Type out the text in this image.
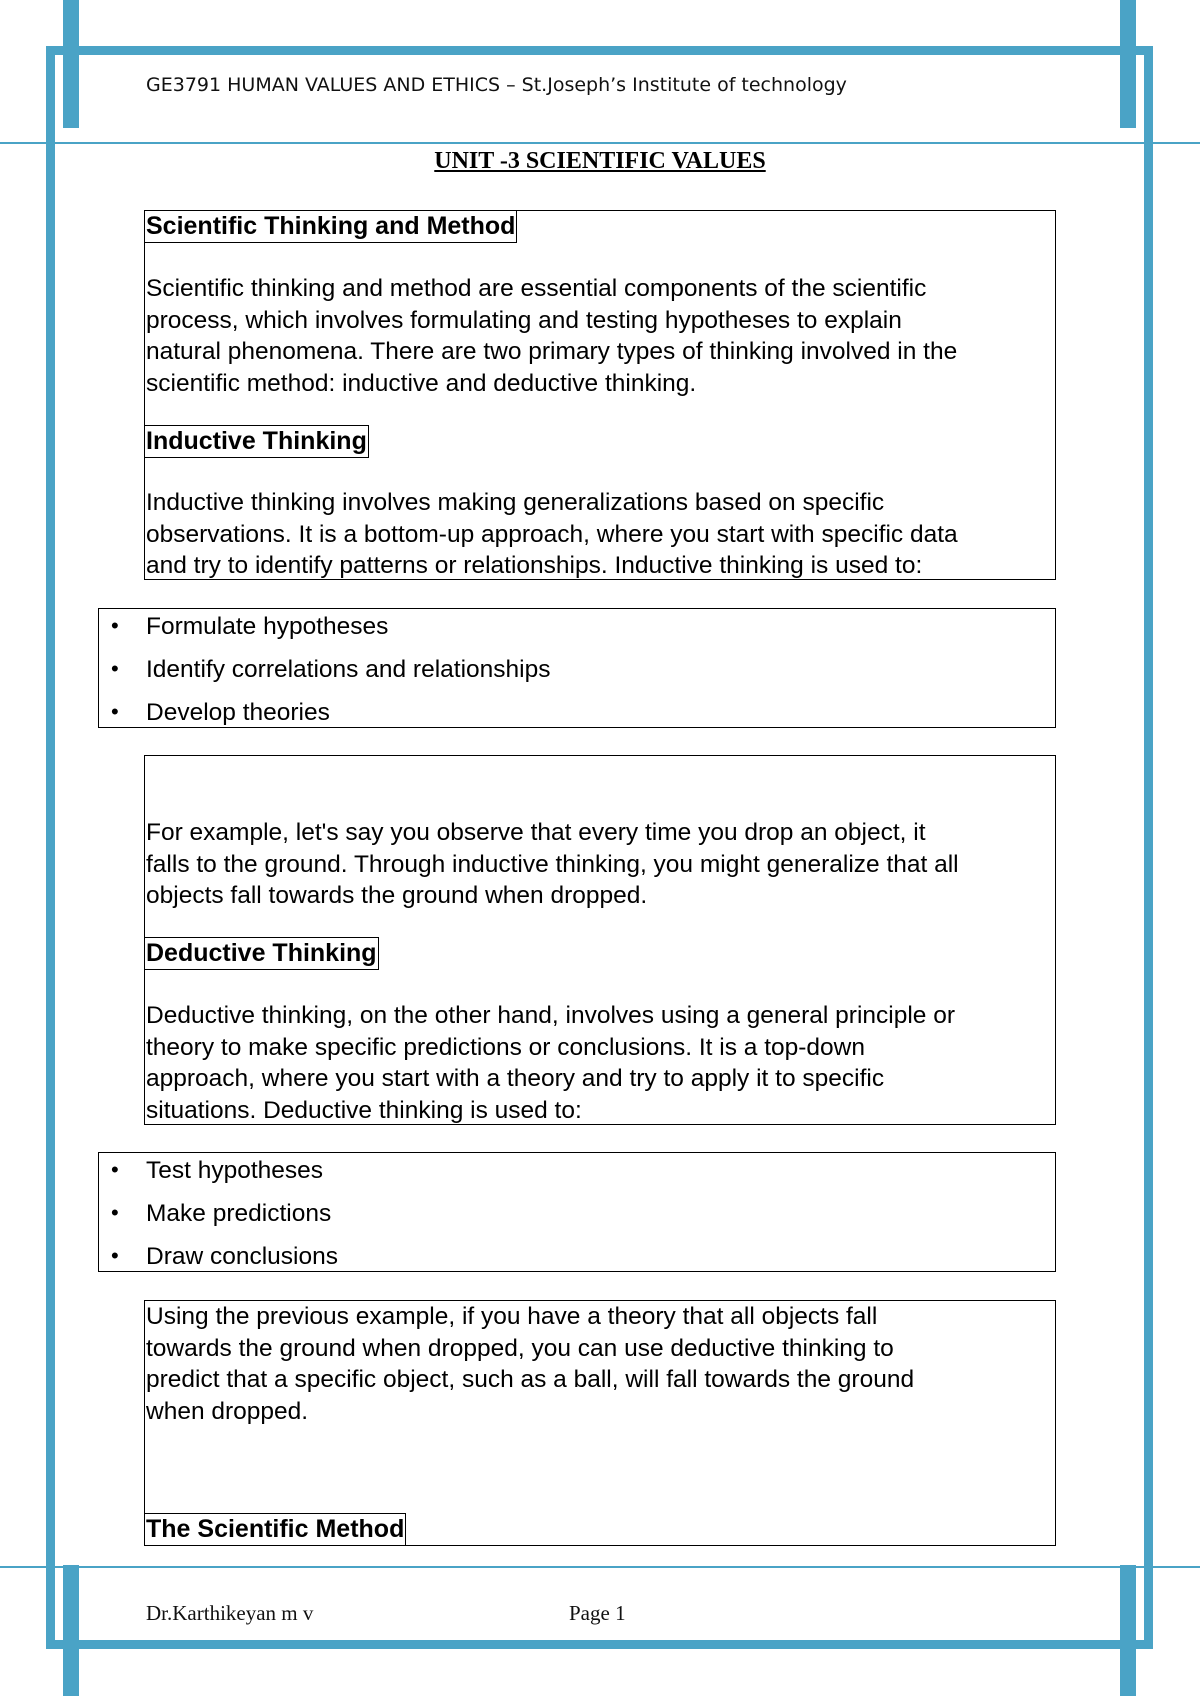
GE3791 HUMAN VALUES AND ETHICS – St.Joseph’s Institute of technology
UNIT -3 SCIENTIFIC VALUES
Scientific Thinking and Method
Scientific thinking and method are essential components of the scientific
process, which involves formulating and testing hypotheses to explain
natural phenomena. There are two primary types of thinking involved in the
scientific method: inductive and deductive thinking.
Inductive Thinking
Inductive thinking involves making generalizations based on specific
observations. It is a bottom-up approach, where you start with specific data
and try to identify patterns or relationships. Inductive thinking is used to:
• Formulate hypotheses
• Identify correlations and relationships
• Develop theories
For example, let's say you observe that every time you drop an object, it
falls to the ground. Through inductive thinking, you might generalize that all
objects fall towards the ground when dropped.
Deductive Thinking
Deductive thinking, on the other hand, involves using a general principle or
theory to make specific predictions or conclusions. It is a top-down
approach, where you start with a theory and try to apply it to specific
situations. Deductive thinking is used to:
• Test hypotheses
• Make predictions
• Draw conclusions
Using the previous example, if you have a theory that all objects fall
towards the ground when dropped, you can use deductive thinking to
predict that a specific object, such as a ball, will fall towards the ground
when dropped.
The Scientific Method
Dr.Karthikeyan m v	Page 1
